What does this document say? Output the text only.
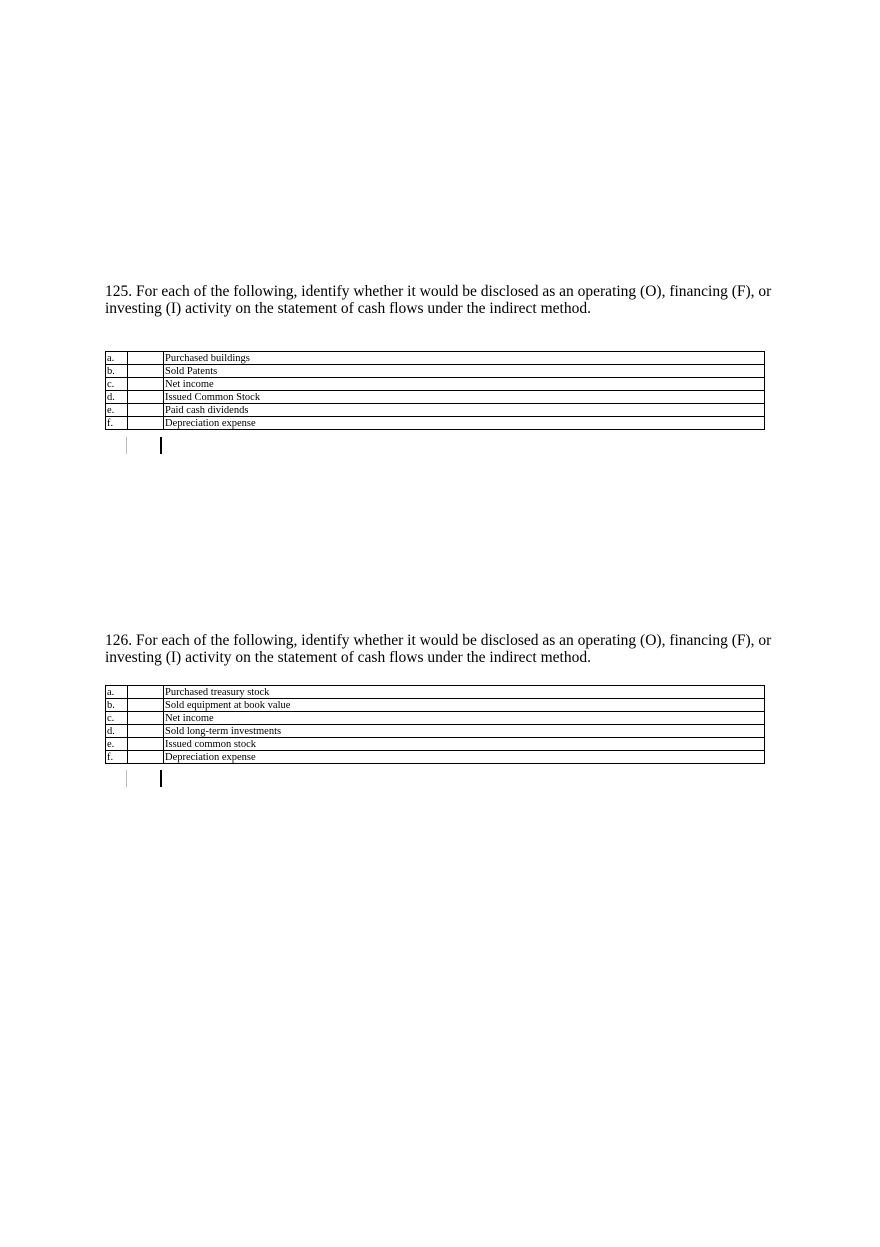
125. For each of the following, identify whether it would be disclosed as an operating (O), financing (F), or investing (I) activity on the statement of cash flows under the indirect method.

a.		Purchased buildings
b.		Sold Patents
c.		Net income
d.		Issued Common Stock
e.		Paid cash dividends
f.		Depreciation expense

126. For each of the following, identify whether it would be disclosed as an operating (O), financing (F), or investing (I) activity on the statement of cash flows under the indirect method.

a.		Purchased treasury stock
b.		Sold equipment at book value
c.		Net income
d.		Sold long-term investments
e.		Issued common stock
f.		Depreciation expense
